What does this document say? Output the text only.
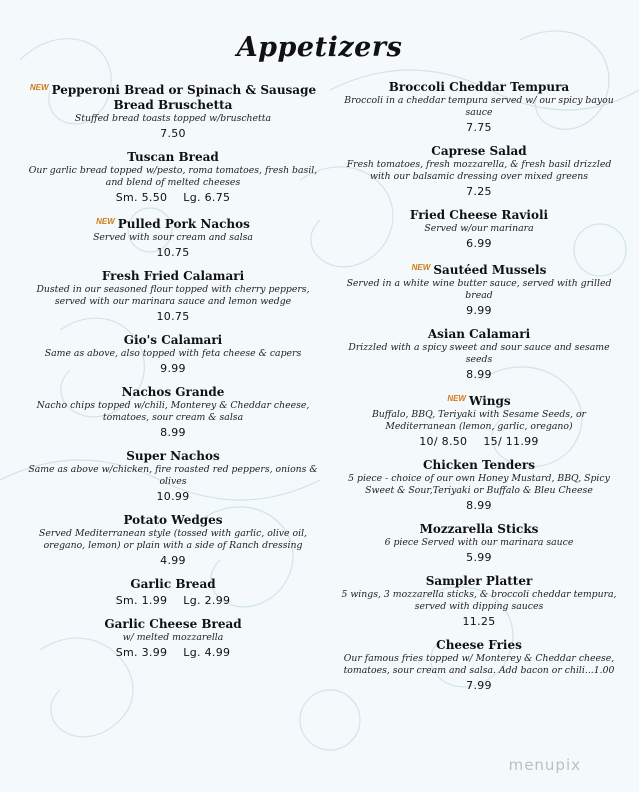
Appetizers
$^{NEW}$ Pepperoni Bread or Spinach & Sausage
Bread Bruschetta
Stuffed bread toasts topped w/bruschetta
7.50
Tuscan Bread
Our garlic bread topped w/pesto, roma tomatoes, fresh basil, and blend of melted cheeses
Sm. 5.50 Lg. 6.75
$^{NEW}$ Pulled Pork Nachos
Served with sour cream and salsa
10.75
Fresh Fried Calamari
Dusted in our seasoned flour topped with cherry peppers, served with our marinara sauce and lemon wedge
10.75
Gio's Calamari
Same as above, also topped with feta cheese & capers
9.99
Nachos Grande
Nacho chips topped w/chili, Monterey & Cheddar cheese, tomatoes, sour cream & salsa
8.99
Super Nachos
Same as above w/chicken, fire roasted red peppers, onions & olives
10.99
Potato Wedges
Served Mediterranean style (tossed with garlic, olive oil, oregano, lemon) or plain with a side of Ranch dressing
4.99
Garlic Bread
Sm. 1.99 Lg. 2.99
Garlic Cheese Bread
w/ melted mozzarella
Sm. 3.99 Lg. 4.99
Broccoli Cheddar Tempura
Broccoli in a cheddar tempura served w/ our spicy bayou sauce
7.75
Caprese Salad
Fresh tomatoes, fresh mozzarella, & fresh basil drizzled with our balsamic dressing over mixed greens
7.25
Fried Cheese Ravioli
Served w/our marinara
6.99
$^{NEW}$ Sautéed Mussels
Served in a white wine butter sauce, served with grilled bread
9.99
Asian Calamari
Drizzled with a spicy sweet and sour sauce and sesame seeds
8.99
$^{NEW}$ Wings
Buffalo, BBQ, Teriyaki with Sesame Seeds, or Mediterranean (lemon, garlic, oregano)
10/ 8.50 15/ 11.99
Chicken Tenders
5 piece - choice of our own Honey Mustard, BBQ, Spicy Sweet & Sour,Teriyaki or Buffalo & Bleu Cheese
8.99
Mozzarella Sticks
6 piece Served with our marinara sauce
5.99
Sampler Platter
5 wings, 3 mozzarella sticks, & broccoli cheddar tempura, served with dipping sauces
11.25
Cheese Fries
Our famous fries topped w/ Monterey & Cheddar cheese, tomatoes, sour cream and salsa. Add bacon or chili...1.00
7.99
menupix
